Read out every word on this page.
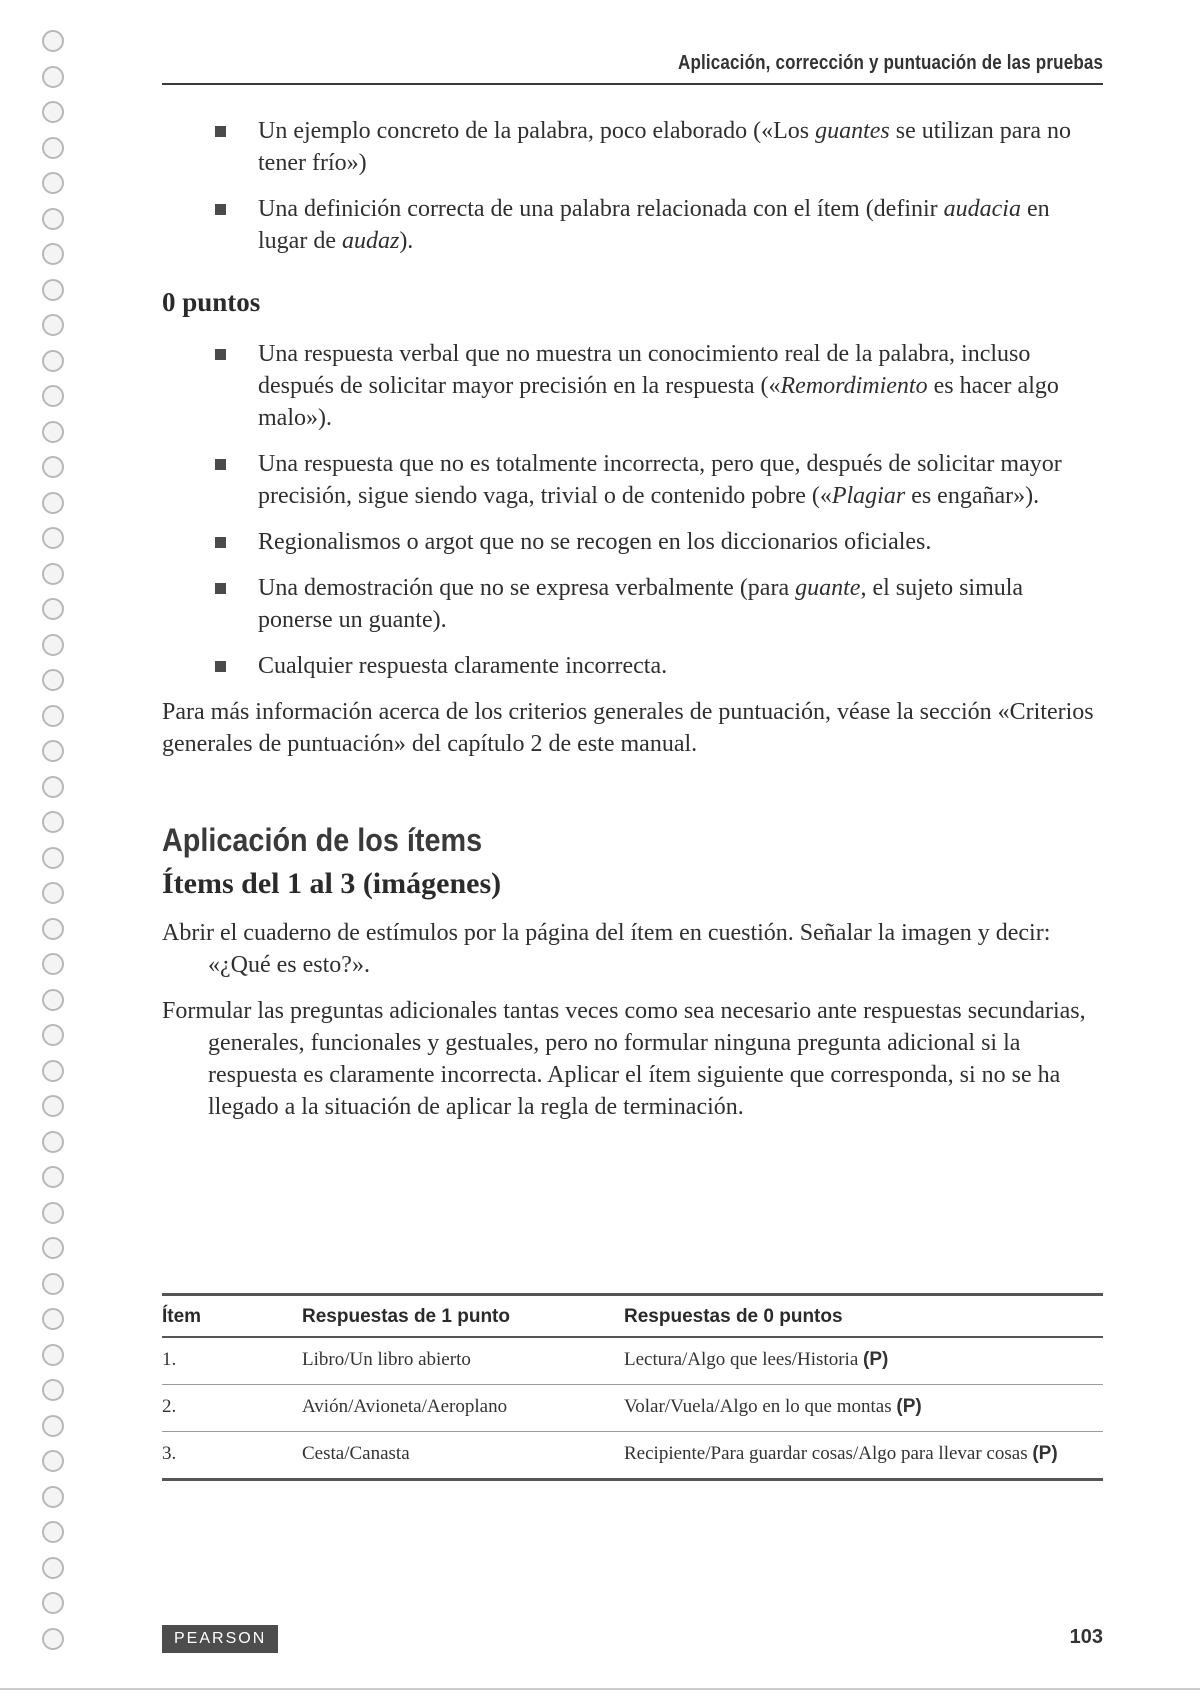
Aplicación, corrección y puntuación de las pruebas
Un ejemplo concreto de la palabra, poco elaborado («Los guantes se utilizan para no tener frío»)
Una definición correcta de una palabra relacionada con el ítem (definir audacia en lugar de audaz).
0 puntos
Una respuesta verbal que no muestra un conocimiento real de la palabra, incluso después de solicitar mayor precisión en la respuesta («Remordimiento es hacer algo malo»).
Una respuesta que no es totalmente incorrecta, pero que, después de solicitar mayor precisión, sigue siendo vaga, trivial o de contenido pobre («Plagiar es engañar»).
Regionalismos o argot que no se recogen en los diccionarios oficiales.
Una demostración que no se expresa verbalmente (para guante, el sujeto simula ponerse un guante).
Cualquier respuesta claramente incorrecta.

Para más información acerca de los criterios generales de puntuación, véase la sección «Criterios generales de puntuación» del capítulo 2 de este manual.

Aplicación de los ítems
Ítems del 1 al 3 (imágenes)

Abrir el cuaderno de estímulos por la página del ítem en cuestión. Señalar la imagen y decir: «¿Qué es esto?».

Formular las preguntas adicionales tantas veces como sea necesario ante respuestas secundarias, generales, funcionales y gestuales, pero no formular ninguna pregunta adicional si la respuesta es claramente incorrecta. Aplicar el ítem siguiente que corresponda, si no se ha llegado a la situación de aplicar la regla de terminación.

Ítem	Respuestas de 1 punto	Respuestas de 0 puntos
1.	Libro/Un libro abierto	Lectura/Algo que lees/Historia (P)
2.	Avión/Avioneta/Aeroplano	Volar/Vuela/Algo en lo que montas (P)
3.	Cesta/Canasta	Recipiente/Para guardar cosas/Algo para llevar cosas (P)
PEARSON	103
